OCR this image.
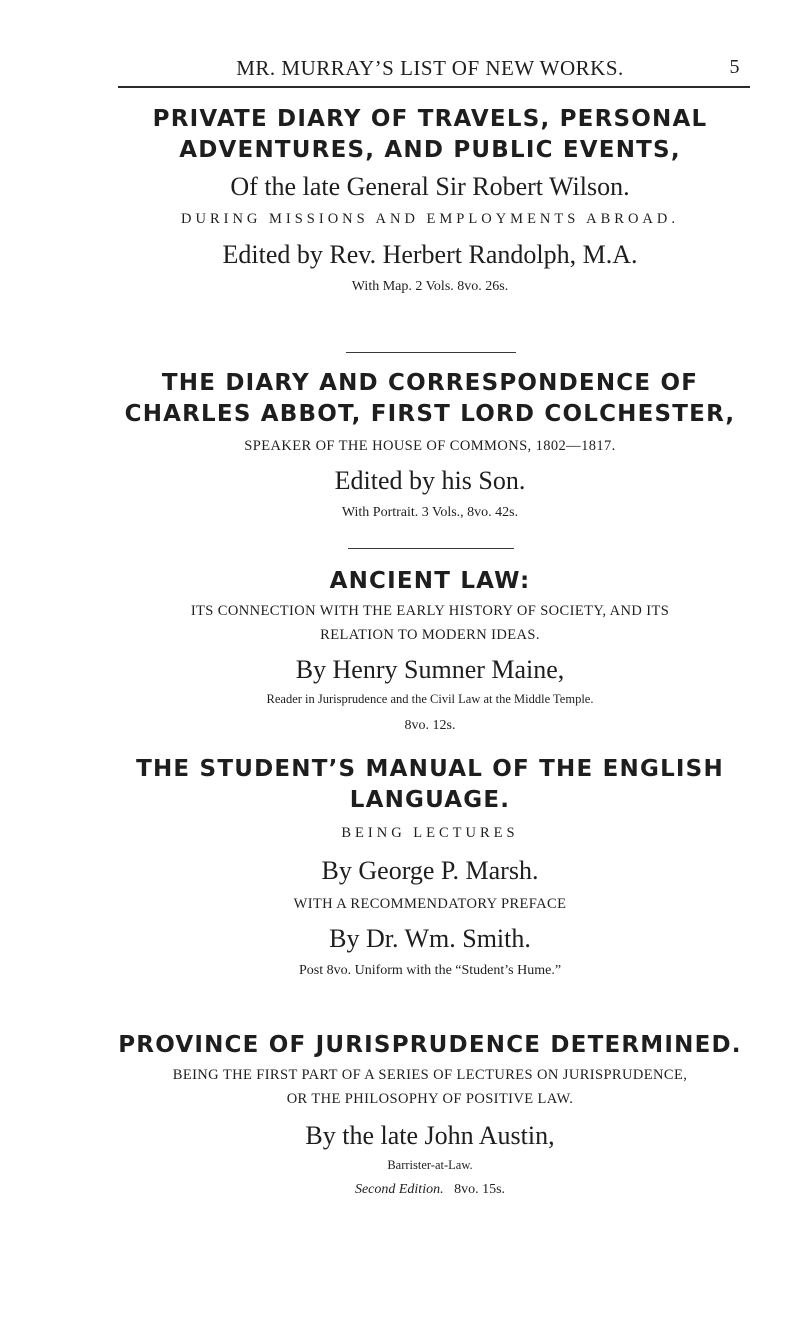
MR. MURRAY’S LIST OF NEW WORKS.	5
PRIVATE DIARY OF TRAVELS, PERSONAL
ADVENTURES, AND PUBLIC EVENTS,
Of the late General Sir Robert Wilson.
DURING MISSIONS AND EMPLOYMENTS ABROAD.
Edited by Rev. Herbert Randolph, M.A.
With Map. 2 Vols. 8vo. 26s.
THE DIARY AND CORRESPONDENCE OF
CHARLES ABBOT, FIRST LORD COLCHESTER,
SPEAKER OF THE HOUSE OF COMMONS, 1802—1817.
Edited by his Son.
With Portrait. 3 Vols., 8vo. 42s.
ANCIENT LAW:
ITS CONNECTION WITH THE EARLY HISTORY OF SOCIETY, AND ITS
RELATION TO MODERN IDEAS.
By Henry Sumner Maine,
Reader in Jurisprudence and the Civil Law at the Middle Temple.
8vo. 12s.
THE STUDENT’S MANUAL OF THE ENGLISH
LANGUAGE.
BEING LECTURES
By George P. Marsh.
WITH A RECOMMENDATORY PREFACE
By Dr. Wm. Smith.
Post 8vo. Uniform with the “Student’s Hume.”
PROVINCE OF JURISPRUDENCE DETERMINED.
BEING THE FIRST PART OF A SERIES OF LECTURES ON JURISPRUDENCE,
OR THE PHILOSOPHY OF POSITIVE LAW.
By the late John Austin,
Barrister-at-Law.
Second Edition. 8vo. 15s.
